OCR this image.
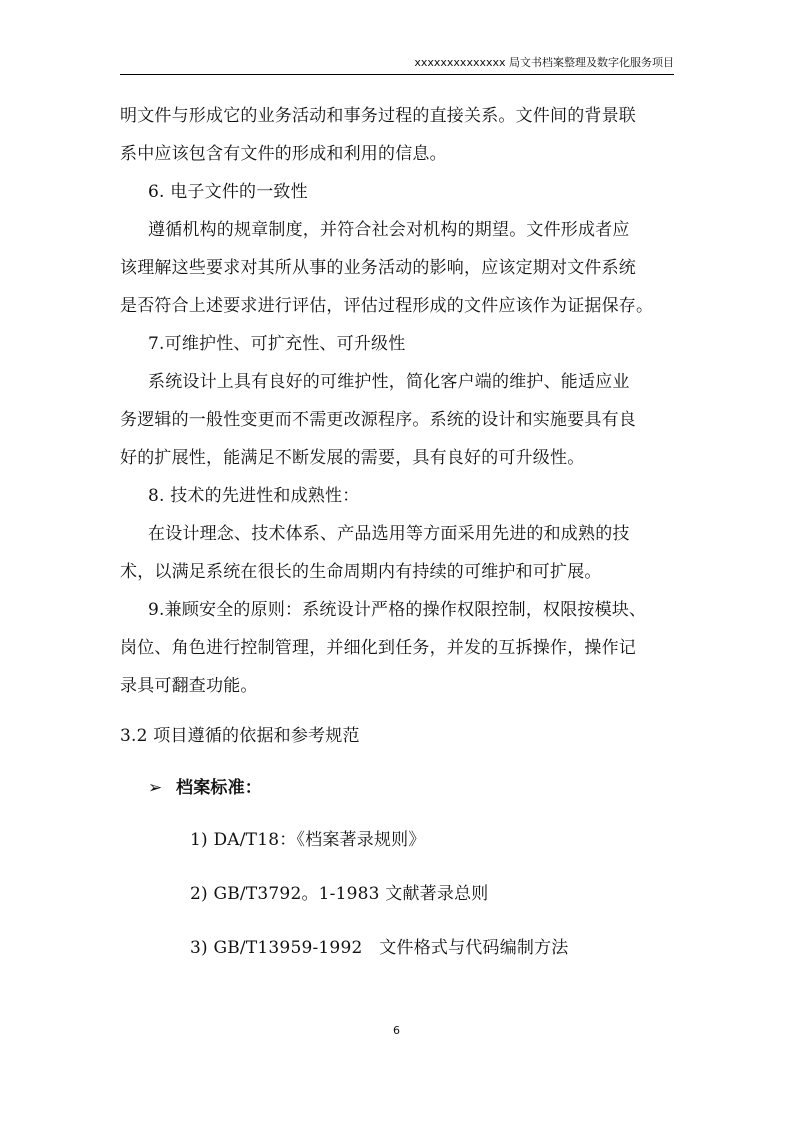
xxxxxxxxxxxxxx 局文书档案整理及数字化服务项目

明文件与形成它的业务活动和事务过程的直接关系。文件间的背景联

系中应该包含有文件的形成和利用的信息。

6. 电子文件的一致性

遵循机构的规章制度，并符合社会对机构的期望。文件形成者应

该理解这些要求对其所从事的业务活动的影响，应该定期对文件系统

是否符合上述要求进行评估，评估过程形成的文件应该作为证据保存。

7.可维护性、可扩充性、可升级性

系统设计上具有良好的可维护性，简化客户端的维护、能适应业

务逻辑的一般性变更而不需更改源程序。系统的设计和实施要具有良

好的扩展性，能满足不断发展的需要，具有良好的可升级性。

8. 技术的先进性和成熟性：

在设计理念、技术体系、产品选用等方面采用先进的和成熟的技

术，以满足系统在很长的生命周期内有持续的可维护和可扩展。

9.兼顾安全的原则：系统设计严格的操作权限控制，权限按模块、

岗位、角色进行控制管理，并细化到任务，并发的互拆操作，操作记

录具可翻查功能。

3.2 项目遵循的依据和参考规范

➢ 档案标准：

1) DA/T18：《档案著录规则》

2) GB/T3792。1-1983 文献著录总则

3) GB/T13959-1992   文件格式与代码编制方法

6
